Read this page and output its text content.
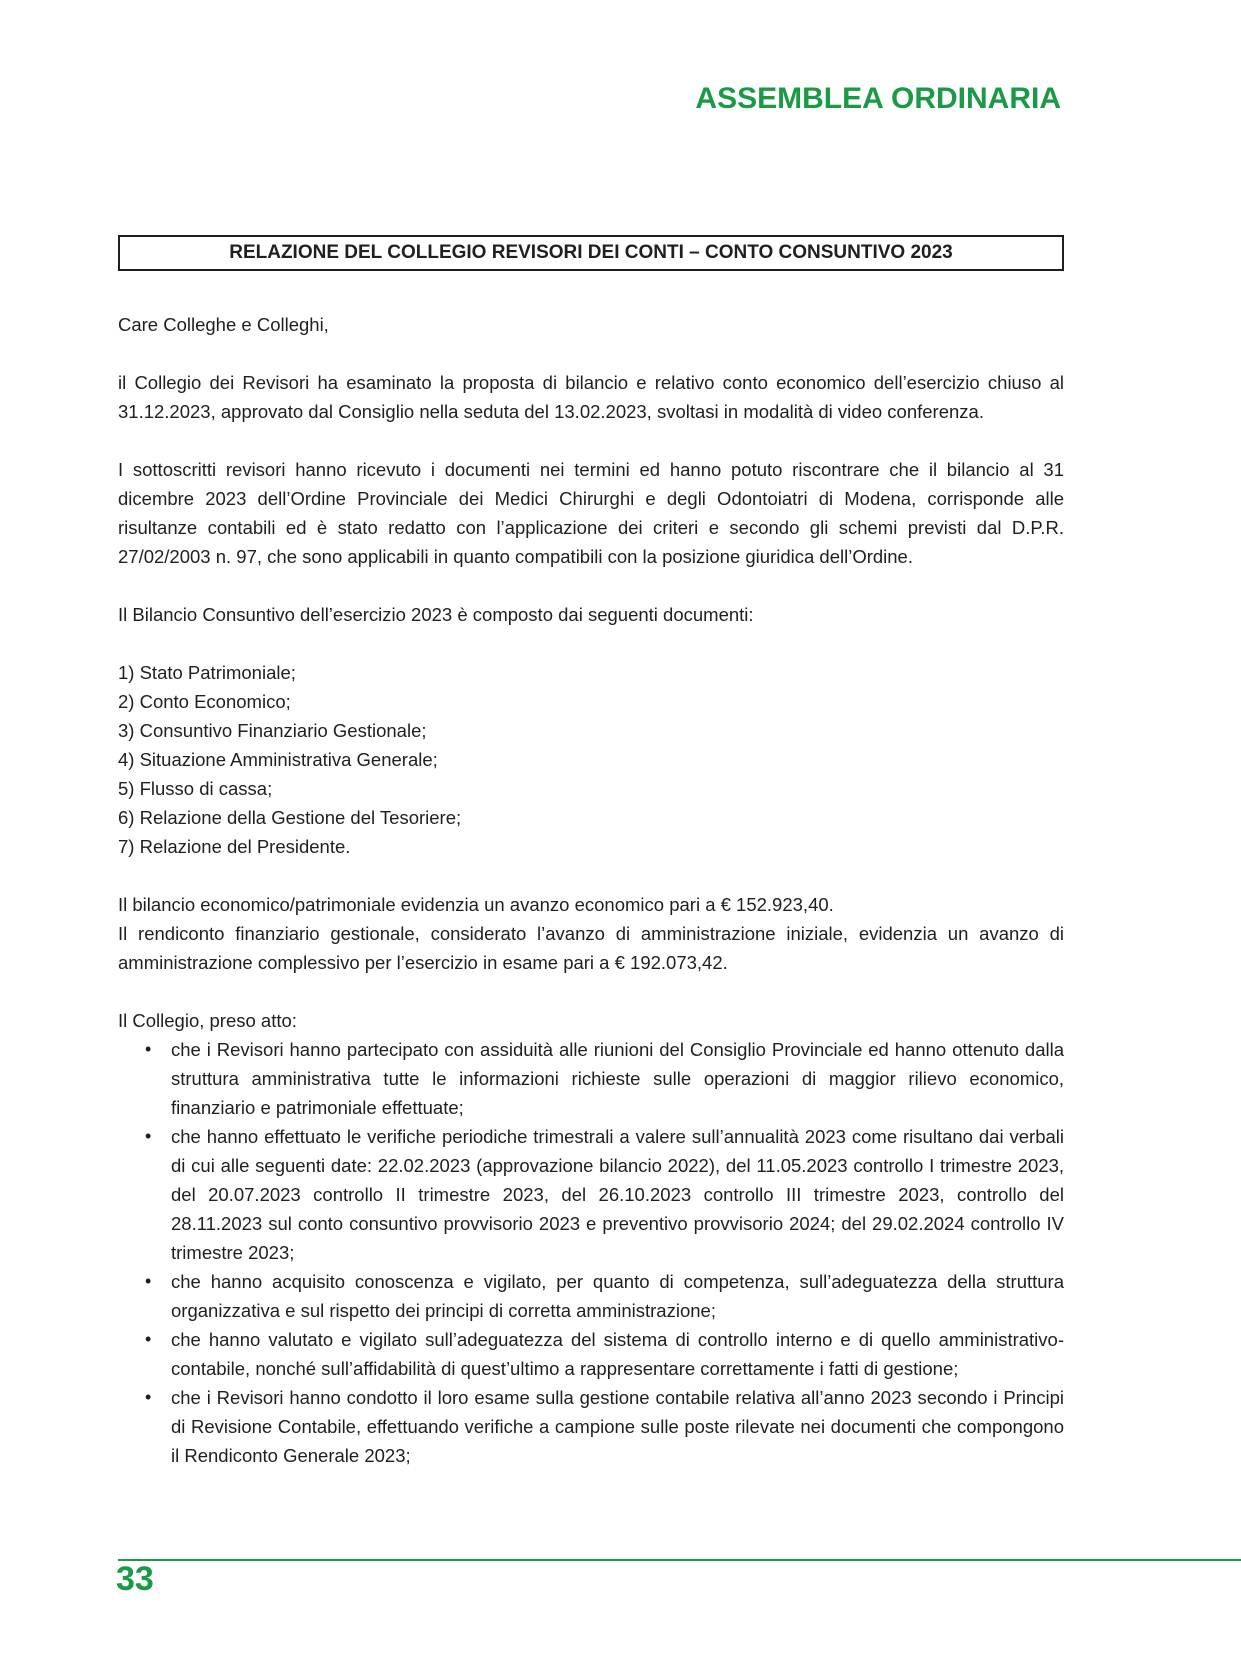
ASSEMBLEA ORDINARIA
RELAZIONE DEL COLLEGIO REVISORI DEI CONTI – CONTO CONSUNTIVO 2023

Care Colleghe e Colleghi,

il Collegio dei Revisori ha esaminato la proposta di bilancio e relativo conto economico dell’esercizio chiuso al 31.12.2023, approvato dal Consiglio nella seduta del 13.02.2023, svoltasi in modalità di video conferenza.

I sottoscritti revisori hanno ricevuto i documenti nei termini ed hanno potuto riscontrare che il bilancio al 31 dicembre 2023 dell’Ordine Provinciale dei Medici Chirurghi e degli Odontoiatri di Modena, corrisponde alle risultanze contabili ed è stato redatto con l’applicazione dei criteri e secondo gli schemi previsti dal D.P.R. 27/02/2003 n. 97, che sono applicabili in quanto compatibili con la posizione giuridica dell’Ordine.

Il Bilancio Consuntivo dell’esercizio 2023 è composto dai seguenti documenti:

1) Stato Patrimoniale;
2) Conto Economico;
3) Consuntivo Finanziario Gestionale;
4) Situazione Amministrativa Generale;
5) Flusso di cassa;
6) Relazione della Gestione del Tesoriere;
7) Relazione del Presidente.

Il bilancio economico/patrimoniale evidenzia un avanzo economico pari a € 152.923,40.

Il rendiconto finanziario gestionale, considerato l’avanzo di amministrazione iniziale, evidenzia un avanzo di amministrazione complessivo per l’esercizio in esame pari a € 192.073,42.

Il Collegio, preso atto:

• che i Revisori hanno partecipato con assiduità alle riunioni del Consiglio Provinciale ed hanno ottenuto dalla struttura amministrativa tutte le informazioni richieste sulle operazioni di maggior rilievo economico, finanziario e patrimoniale effettuate;
• che hanno effettuato le verifiche periodiche trimestrali a valere sull’annualità 2023 come risultano dai verbali di cui alle seguenti date: 22.02.2023 (approvazione bilancio 2022), del 11.05.2023 controllo I trimestre 2023, del 20.07.2023 controllo II trimestre 2023, del 26.10.2023 controllo III trimestre 2023, controllo del 28.11.2023 sul conto consuntivo provvisorio 2023 e preventivo provvisorio 2024; del 29.02.2024 controllo IV trimestre 2023;
• che hanno acquisito conoscenza e vigilato, per quanto di competenza, sull’adeguatezza della struttura organizzativa e sul rispetto dei principi di corretta amministrazione;
• che hanno valutato e vigilato sull’adeguatezza del sistema di controllo interno e di quello amministrativo-contabile, nonché sull’affidabilità di quest’ultimo a rappresentare correttamente i fatti di gestione;
• che i Revisori hanno condotto il loro esame sulla gestione contabile relativa all’anno 2023 secondo i Principi di Revisione Contabile, effettuando verifiche a campione sulle poste rilevate nei documenti che compongono il Rendiconto Generale 2023;
33
